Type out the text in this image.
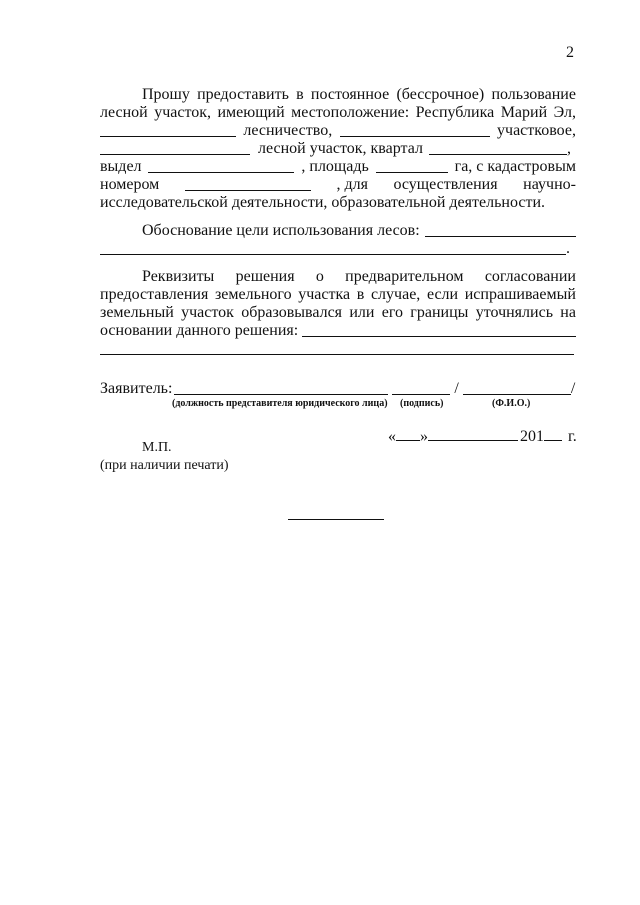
2
Прошу предоставить в постоянное (бессрочное) пользование
лесной участок, имеющий местоположение: Республика Марий Эл,
лесничество,	участковое,
лесной участок, квартал	,
выдел	, площадь	га, с кадастровым
номером	, для осуществления научно-
исследовательской деятельности, образовательной деятельности.
Обоснование цели использования лесов:
.
Реквизиты решения о предварительном согласовании
предоставления земельного участка в случае, если испрашиваемый
земельный участок образовывался или его границы уточнялись на
основании данного решения:
Заявитель:	/	/
(должность представителя юридического лица) (подпись)	(Ф.И.О.)
« »	201 г.
М.П.
(при наличии печати)
